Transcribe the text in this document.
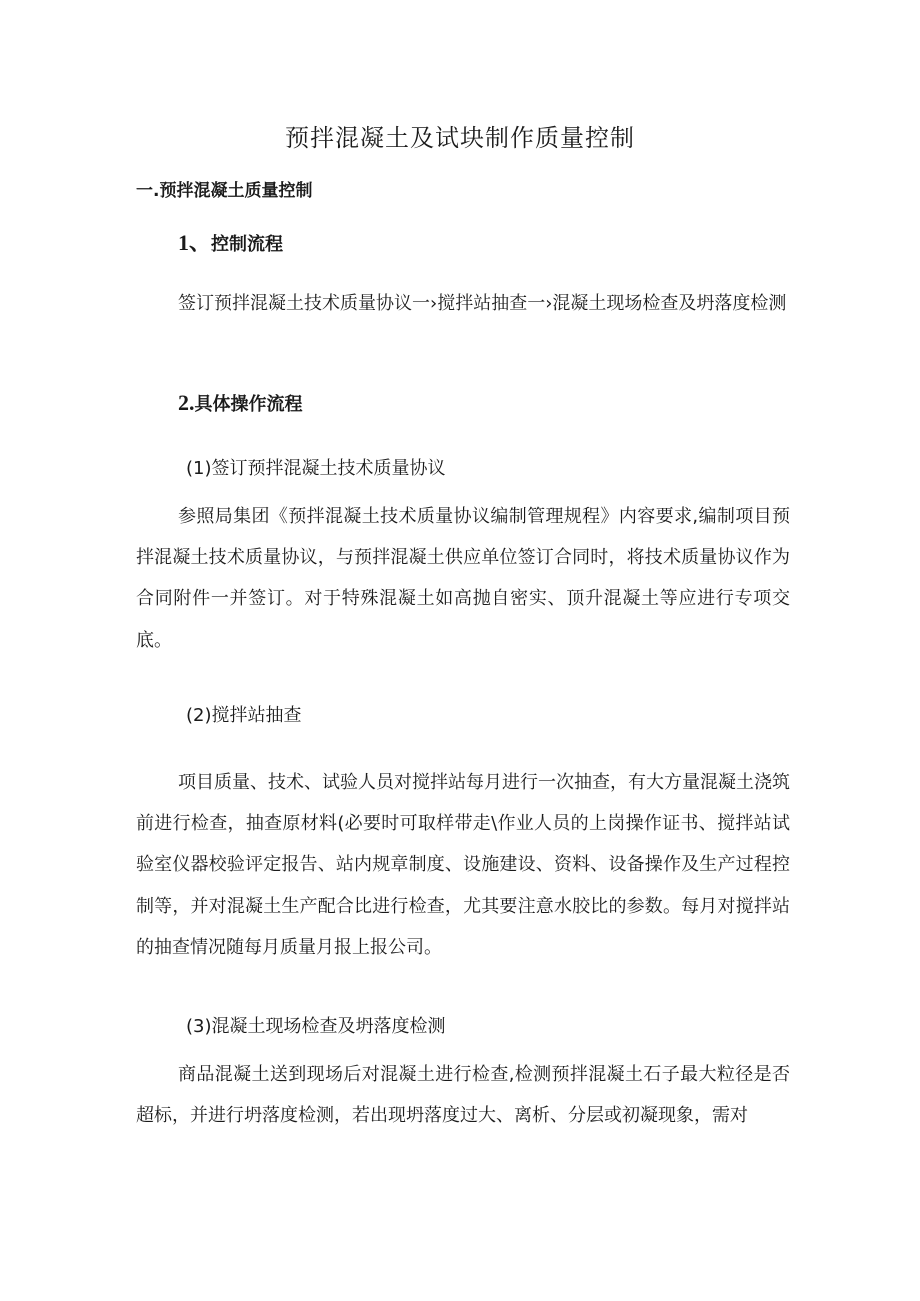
预拌混凝土及试块制作质量控制

一.预拌混凝土质量控制

1、控制流程

签订预拌混凝土技术质量协议一›搅拌站抽查一›混凝土现场检查及坍落度检测

2.具体操作流程

(1)签订预拌混凝土技术质量协议

参照局集团《预拌混凝土技术质量协议编制管理规程》内容要求,编制项目预拌混凝土技术质量协议，与预拌混凝土供应单位签订合同时，将技术质量协议作为合同附件一并签订。对于特殊混凝土如高抛自密实、顶升混凝土等应进行专项交底。

(2)搅拌站抽查

项目质量、技术、试验人员对搅拌站每月进行一次抽查，有大方量混凝土浇筑前进行检查，抽查原材料(必要时可取样带走\作业人员的上岗操作证书、搅拌站试验室仪器校验评定报告、站内规章制度、设施建设、资料、设备操作及生产过程控制等，并对混凝土生产配合比进行检查，尤其要注意水胶比的参数。每月对搅拌站的抽查情况随每月质量月报上报公司。

(3)混凝土现场检查及坍落度检测

商品混凝土送到现场后对混凝土进行检查,检测预拌混凝土石子最大粒径是否超标，并进行坍落度检测，若出现坍落度过大、离析、分层或初凝现象，需对
